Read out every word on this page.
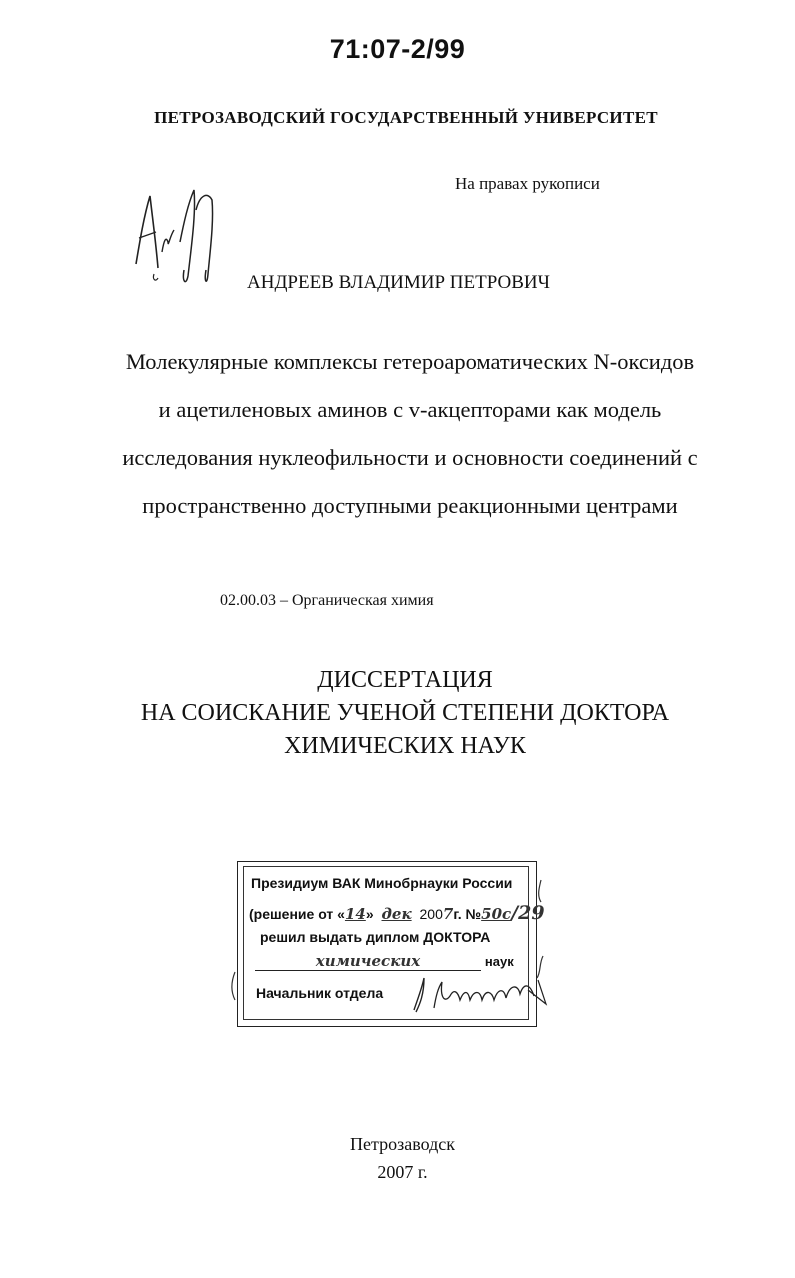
71:07-2/99
ПЕТРОЗАВОДСКИЙ ГОСУДАРСТВЕННЫЙ УНИВЕРСИТЕТ
На правах рукописи
АНДРЕЕВ ВЛАДИМИР ПЕТРОВИЧ
Молекулярные комплексы гетероароматических N-оксидов
и ацетиленовых аминов с v-акцепторами как модель
исследования нуклеофильности и основности соединений с
пространственно доступными реакционными центрами
02.00.03 – Органическая химия
ДИССЕРТАЦИЯ
НА СОИСКАНИЕ УЧЕНОЙ СТЕПЕНИ ДОКТОРА
ХИМИЧЕСКИХ НАУК
Президиум ВАК Минобрнауки России
(решение от «14» дек 2007г. №50с/29
решил выдать диплом ДОКТОРА
химических	наук
Начальник отдела
Петрозаводск
2007 г.
